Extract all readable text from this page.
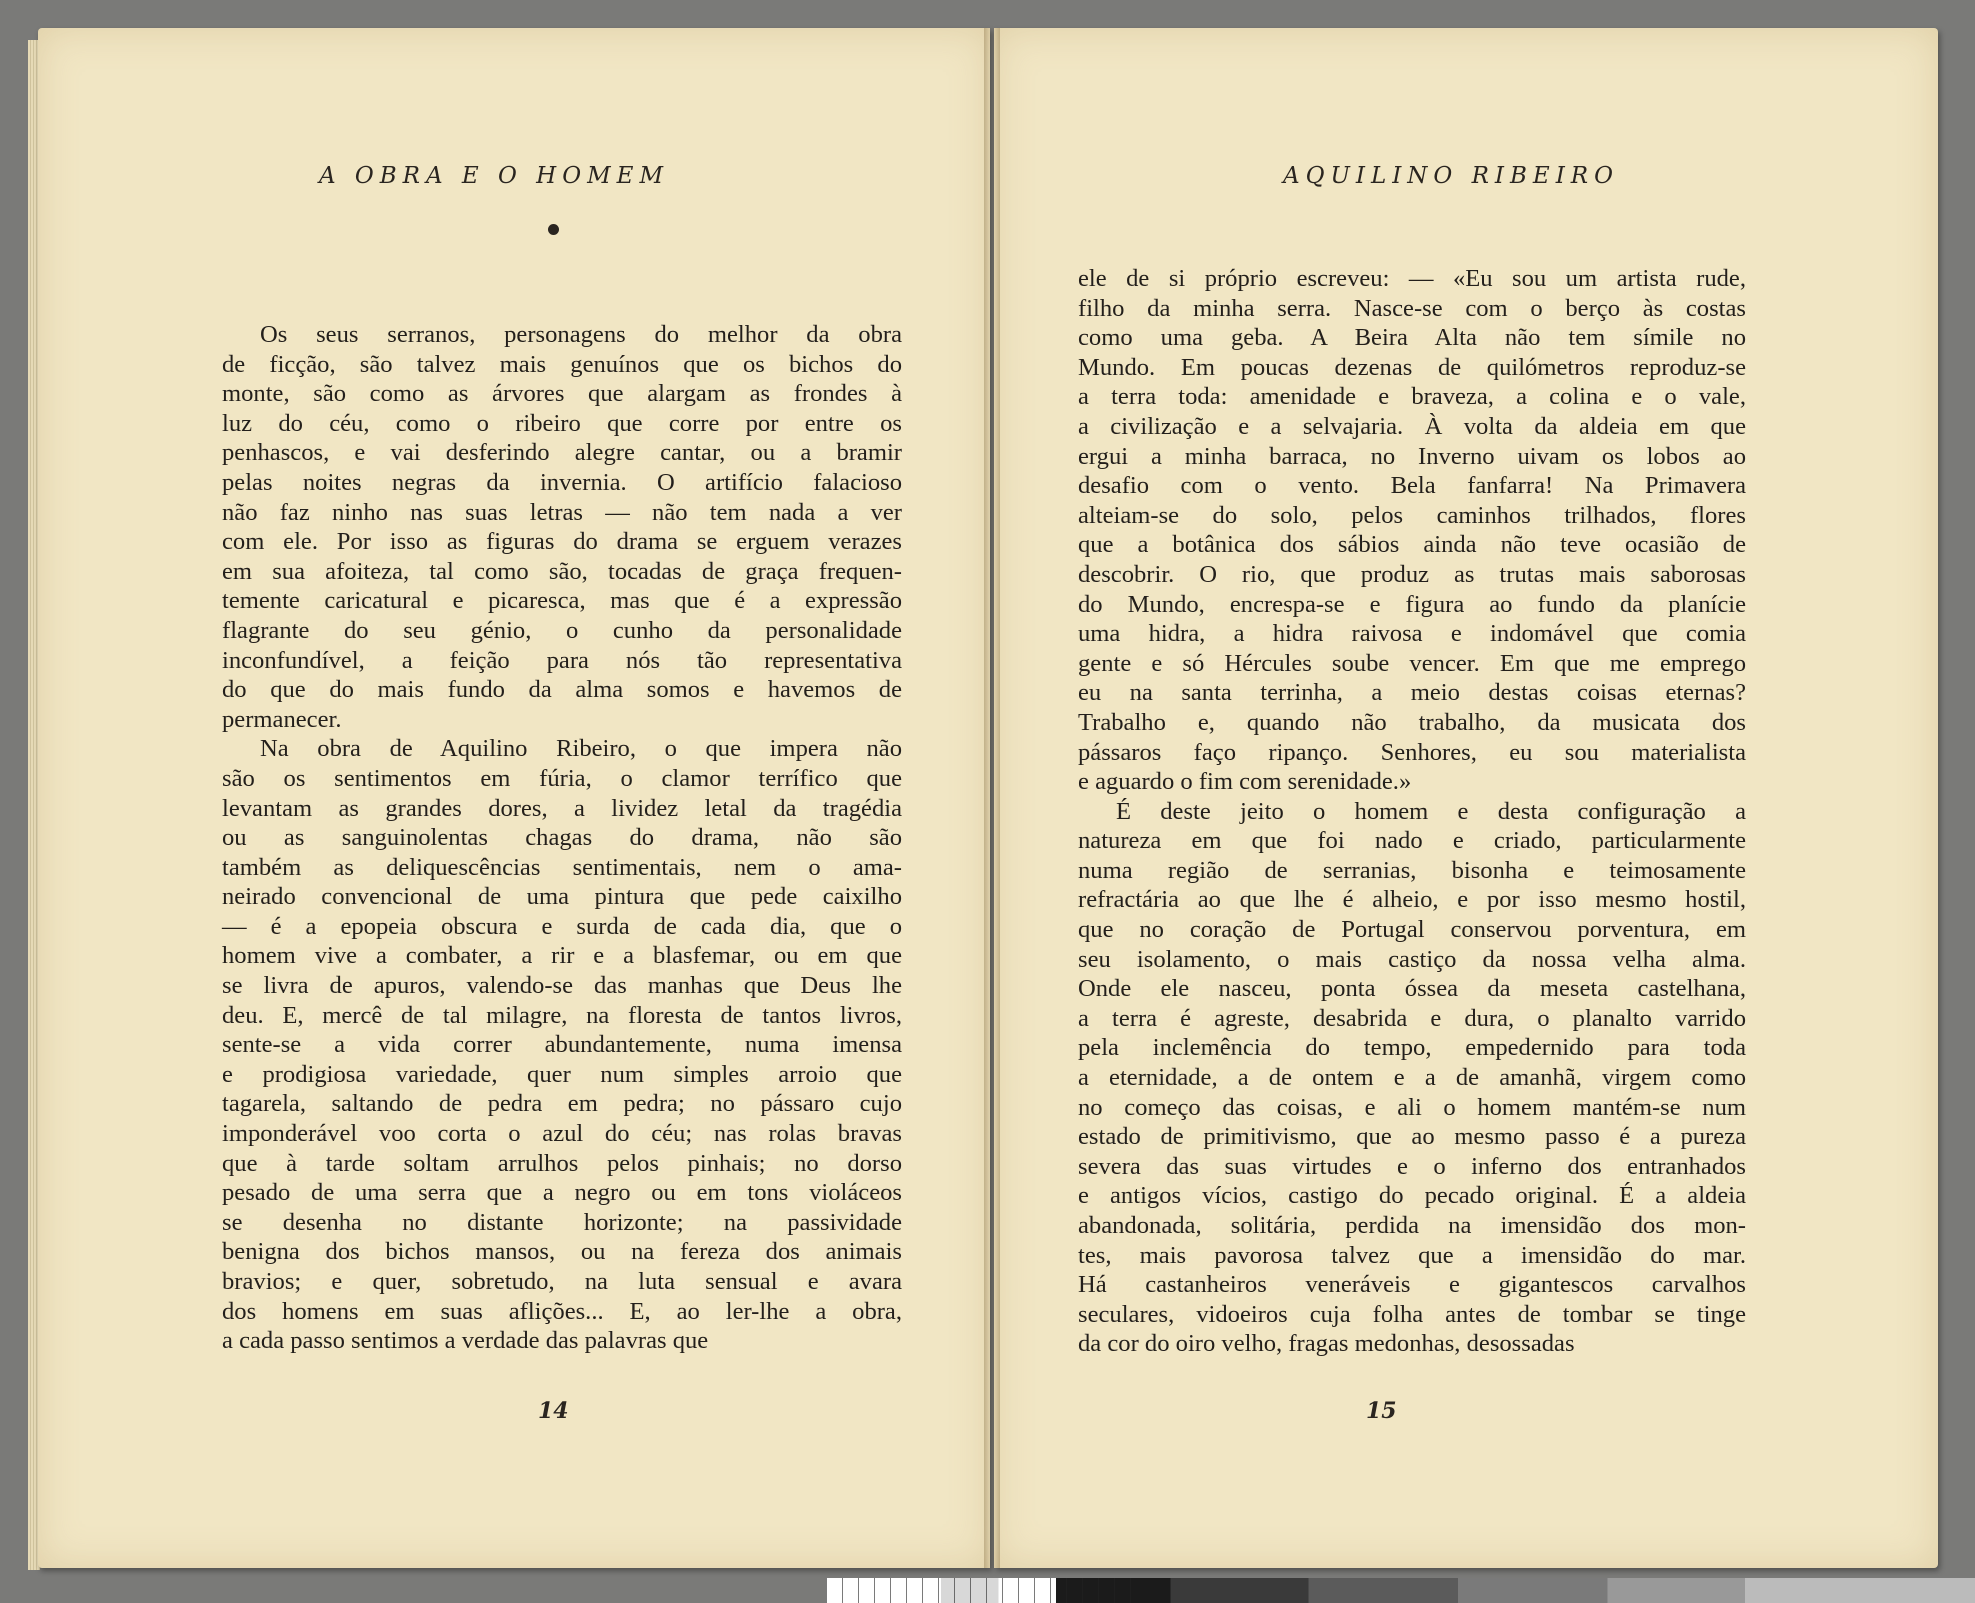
A OBRA E O HOMEM
Os seus serranos, personagens do melhor da obra
de ficção, são talvez mais genuínos que os bichos do
monte, são como as árvores que alargam as frondes à
luz do céu, como o ribeiro que corre por entre os
penhascos, e vai desferindo alegre cantar, ou a bramir
pelas noites negras da invernia. O artifício falacioso
não faz ninho nas suas letras — não tem nada a ver
com ele. Por isso as figuras do drama se erguem verazes
em sua afoiteza, tal como são, tocadas de graça frequen-
temente caricatural e picaresca, mas que é a expressão
flagrante do seu génio, o cunho da personalidade
inconfundível, a feição para nós tão representativa
do que do mais fundo da alma somos e havemos de
permanecer.
Na obra de Aquilino Ribeiro, o que impera não
são os sentimentos em fúria, o clamor terrífico que
levantam as grandes dores, a lividez letal da tragédia
ou as sanguinolentas chagas do drama, não são
também as deliquescências sentimentais, nem o ama-
neirado convencional de uma pintura que pede caixilho
— é a epopeia obscura e surda de cada dia, que o
homem vive a combater, a rir e a blasfemar, ou em que
se livra de apuros, valendo-se das manhas que Deus lhe
deu. E, mercê de tal milagre, na floresta de tantos livros,
sente-se a vida correr abundantemente, numa imensa
e prodigiosa variedade, quer num simples arroio que
tagarela, saltando de pedra em pedra; no pássaro cujo
imponderável voo corta o azul do céu; nas rolas bravas
que à tarde soltam arrulhos pelos pinhais; no dorso
pesado de uma serra que a negro ou em tons violáceos
se desenha no distante horizonte; na passividade
benigna dos bichos mansos, ou na fereza dos animais
bravios; e quer, sobretudo, na luta sensual e avara
dos homens em suas aflições... E, ao ler-lhe a obra,
a cada passo sentimos a verdade das palavras que
14
AQUILINO RIBEIRO
ele de si próprio escreveu: — «Eu sou um artista rude,
filho da minha serra. Nasce-se com o berço às costas
como uma geba. A Beira Alta não tem símile no
Mundo. Em poucas dezenas de quilómetros reproduz-se
a terra toda: amenidade e braveza, a colina e o vale,
a civilização e a selvajaria. À volta da aldeia em que
ergui a minha barraca, no Inverno uivam os lobos ao
desafio com o vento. Bela fanfarra! Na Primavera
alteiam-se do solo, pelos caminhos trilhados, flores
que a botânica dos sábios ainda não teve ocasião de
descobrir. O rio, que produz as trutas mais saborosas
do Mundo, encrespa-se e figura ao fundo da planície
uma hidra, a hidra raivosa e indomável que comia
gente e só Hércules soube vencer. Em que me emprego
eu na santa terrinha, a meio destas coisas eternas?
Trabalho e, quando não trabalho, da musicata dos
pássaros faço ripanço. Senhores, eu sou materialista
e aguardo o fim com serenidade.»
É deste jeito o homem e desta configuração a
natureza em que foi nado e criado, particularmente
numa região de serranias, bisonha e teimosamente
refractária ao que lhe é alheio, e por isso mesmo hostil,
que no coração de Portugal conservou porventura, em
seu isolamento, o mais castiço da nossa velha alma.
Onde ele nasceu, ponta óssea da meseta castelhana,
a terra é agreste, desabrida e dura, o planalto varrido
pela inclemência do tempo, empedernido para toda
a eternidade, a de ontem e a de amanhã, virgem como
no começo das coisas, e ali o homem mantém-se num
estado de primitivismo, que ao mesmo passo é a pureza
severa das suas virtudes e o inferno dos entranhados
e antigos vícios, castigo do pecado original. É a aldeia
abandonada, solitária, perdida na imensidão dos mon-
tes, mais pavorosa talvez que a imensidão do mar.
Há castanheiros veneráveis e gigantescos carvalhos
seculares, vidoeiros cuja folha antes de tombar se tinge
da cor do oiro velho, fragas medonhas, desossadas
15
